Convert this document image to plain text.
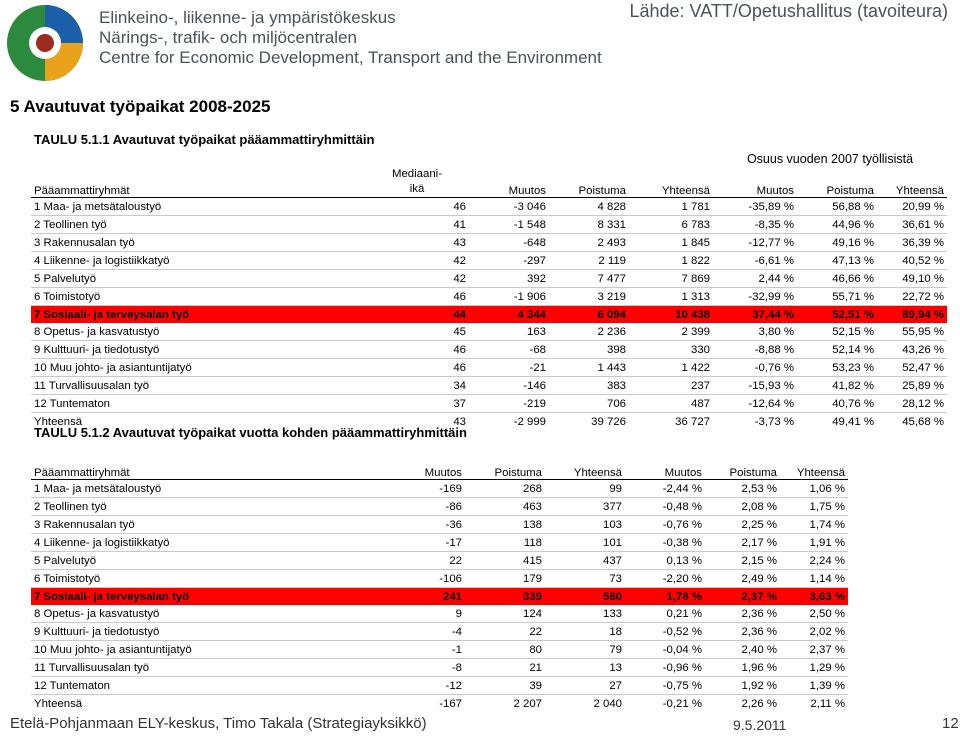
Elinkeino-, liikenne- ja ympäristökeskus
Närings-, trafik- och miljöcentralen
Centre for Economic Development, Transport and the Environment
Lähde: VATT/Opetushallitus (tavoiteura)
5 Avautuvat työpaikat 2008-2025
TAULU 5.1.1 Avautuvat työpaikat pääammattiryhmittäin
					Osuus vuoden 2007 työllisistä		
Pääammattiryhmät	Mediaani-
ikä	Muutos	Poistuma	Yhteensä	Muutos	Poistuma	Yhteensä
1 Maa- ja metsätaloustyö	46	-3 046	4 828	1 781	-35,89 %	56,88 %	20,99 %
2 Teollinen työ	41	-1 548	8 331	6 783	-8,35 %	44,96 %	36,61 %
3 Rakennusalan työ	43	-648	2 493	1 845	-12,77 %	49,16 %	36,39 %
4 Liikenne- ja logistiikkatyö	42	-297	2 119	1 822	-6,61 %	47,13 %	40,52 %
5 Palvelutyö	42	392	7 477	7 869	2,44 %	46,66 %	49,10 %
6 Toimistotyö	46	-1 906	3 219	1 313	-32,99 %	55,71 %	22,72 %
7 Sosiaali- ja terveysalan työ	44	4 344	6 094	10 438	37,44 %	52,51 %	89,94 %
8 Opetus- ja kasvatustyö	45	163	2 236	2 399	3,80 %	52,15 %	55,95 %
9 Kulttuuri- ja tiedotustyö	46	-68	398	330	-8,88 %	52,14 %	43,26 %
10 Muu johto- ja asiantuntijatyö	46	-21	1 443	1 422	-0,76 %	53,23 %	52,47 %
11 Turvallisuusalan työ	34	-146	383	237	-15,93 %	41,82 %	25,89 %
12 Tuntematon	37	-219	706	487	-12,64 %	40,76 %	28,12 %
Yhteensä	43	-2 999	39 726	36 727	-3,73 %	49,41 %	45,68 %
TAULU 5.1.2 Avautuvat työpaikat vuotta kohden pääammattiryhmittäin
Pääammattiryhmät	Muutos	Poistuma	Yhteensä	Muutos	Poistuma	Yhteensä
1 Maa- ja metsätaloustyö	-169	268	99	-2,44 %	2,53 %	1,06 %
2 Teollinen työ	-86	463	377	-0,48 %	2,08 %	1,75 %
3 Rakennusalan työ	-36	138	103	-0,76 %	2,25 %	1,74 %
4 Liikenne- ja logistiikkatyö	-17	118	101	-0,38 %	2,17 %	1,91 %
5 Palvelutyö	22	415	437	0,13 %	2,15 %	2,24 %
6 Toimistotyö	-106	179	73	-2,20 %	2,49 %	1,14 %
7 Sosiaali- ja terveysalan työ	241	339	580	1,78 %	2,37 %	3,63 %
8 Opetus- ja kasvatustyö	9	124	133	0,21 %	2,36 %	2,50 %
9 Kulttuuri- ja tiedotustyö	-4	22	18	-0,52 %	2,36 %	2,02 %
10 Muu johto- ja asiantuntijatyö	-1	80	79	-0,04 %	2,40 %	2,37 %
11 Turvallisuusalan työ	-8	21	13	-0,96 %	1,96 %	1,29 %
12 Tuntematon	-12	39	27	-0,75 %	1,92 %	1,39 %
Yhteensä	-167	2 207	2 040	-0,21 %	2,26 %	2,11 %
Etelä-Pohjanmaan ELY-keskus, Timo Takala (Strategiayksikkö)	9.5.2011	12
